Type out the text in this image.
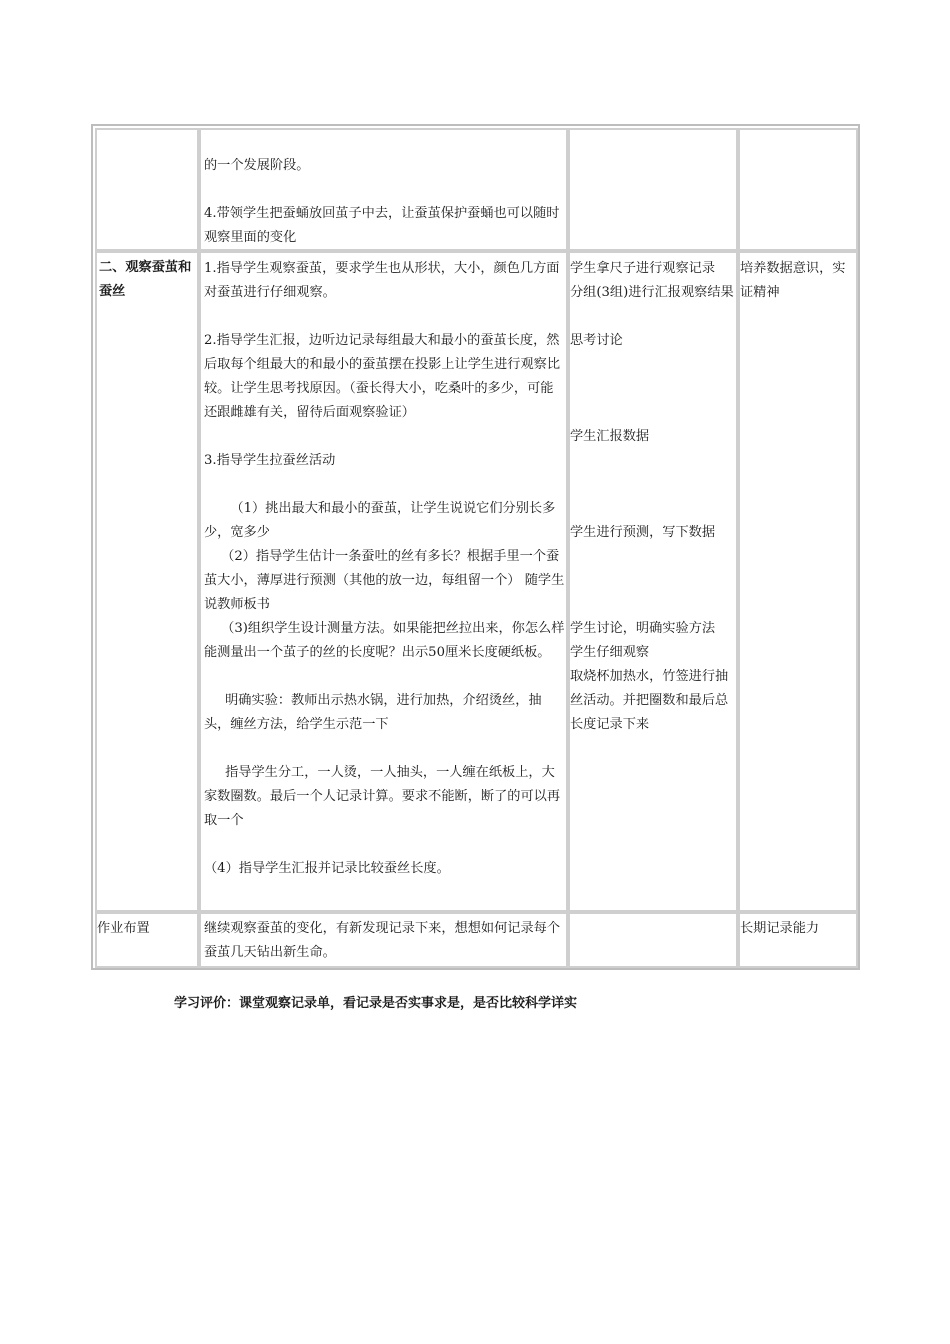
的一个发展阶段。

4.带领学生把蚕蛹放回茧子中去，让蚕茧保护蚕蛹也可以随时观察里面的变化

二、观察蚕茧和蚕丝

1.指导学生观察蚕茧，要求学生也从形状，大小，颜色几方面对蚕茧进行仔细观察。

2.指导学生汇报，边听边记录每组最大和最小的蚕茧长度，然后取每个组最大的和最小的蚕茧摆在投影上让学生进行观察比较。让学生思考找原因。（蚕长得大小，吃桑叶的多少，可能还跟雌雄有关，留待后面观察验证）

3.指导学生拉蚕丝活动

（1）挑出最大和最小的蚕茧，让学生说说它们分别长多少，宽多少

（2）指导学生估计一条蚕吐的丝有多长？根据手里一个蚕茧大小，薄厚进行预测（其他的放一边，每组留一个） 随学生说教师板书

（3)组织学生设计测量方法。如果能把丝拉出来，你怎么样能测量出一个茧子的丝的长度呢？出示50厘米长度硬纸板。

明确实验：教师出示热水锅，进行加热，介绍烫丝，抽头，缠丝方法，给学生示范一下

指导学生分工，一人烫，一人抽头，一人缠在纸板上，大家数圈数。最后一个人记录计算。要求不能断，断了的可以再取一个

（4）指导学生汇报并记录比较蚕丝长度。

学生拿尺子进行观察记录

分组(3组)进行汇报观察结果

思考讨论

学生汇报数据

学生进行预测，写下数据

学生讨论，明确实验方法

学生仔细观察

取烧杯加热水，竹签进行抽丝活动。并把圈数和最后总长度记录下来

培养数据意识，实证精神

作业布置	继续观察蚕茧的变化，有新发现记录下来，想想如何记录每个蚕茧几天钻出新生命。

长期记录能力

学习评价：课堂观察记录单，看记录是否实事求是，是否比较科学详实
